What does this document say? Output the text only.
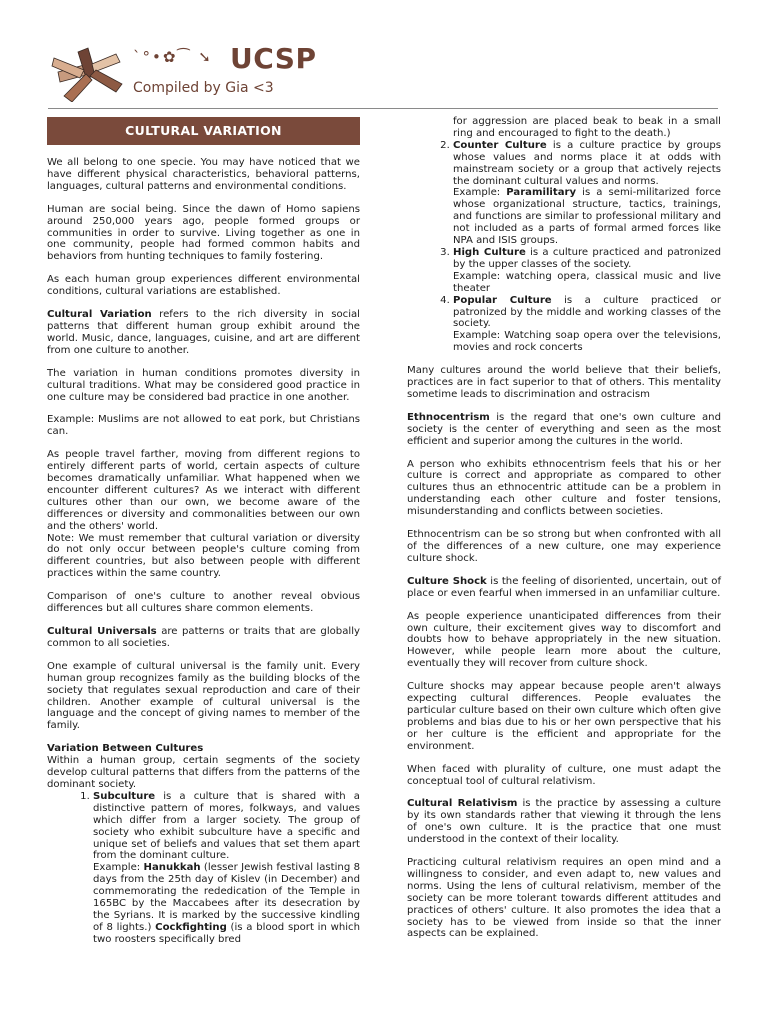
`°•✿⁀ ➘ UCSP
Compiled by Gia <3
CULTURAL VARIATION

We all belong to one specie. You may have noticed that we have different physical characteristics, behavioral patterns, languages, cultural patterns and environmental conditions.

Human are social being. Since the dawn of Homo sapiens around 250,000 years ago, people formed groups or communities in order to survive. Living together as one in one community, people had formed common habits and behaviors from hunting techniques to family fostering.

As each human group experiences different environmental conditions, cultural variations are established.

Cultural Variation refers to the rich diversity in social patterns that different human group exhibit around the world. Music, dance, languages, cuisine, and art are different from one culture to another.

The variation in human conditions promotes diversity in cultural traditions. What may be considered good practice in one culture may be considered bad practice in one another.

Example: Muslims are not allowed to eat pork, but Christians can.

As people travel farther, moving from different regions to entirely different parts of world, certain aspects of culture becomes dramatically unfamiliar. What happened when we encounter different cultures? As we interact with different cultures other than our own, we become aware of the differences or diversity and commonalities between our own and the others' world.

Note: We must remember that cultural variation or diversity do not only occur between people's culture coming from different countries, but also between people with different practices within the same country.

Comparison of one's culture to another reveal obvious differences but all cultures share common elements.

Cultural Universals are patterns or traits that are globally common to all societies.

One example of cultural universal is the family unit. Every human group recognizes family as the building blocks of the society that regulates sexual reproduction and care of their children. Another example of cultural universal is the language and the concept of giving names to member of the family.

Variation Between Cultures

Within a human group, certain segments of the society develop cultural patterns that differs from the patterns of the dominant society.

1. Subculture is a culture that is shared with a distinctive pattern of mores, folkways, and values which differ from a larger society. The group of society who exhibit subculture have a specific and unique set of beliefs and values that set them apart from the dominant culture.
Example: Hanukkah (lesser Jewish festival lasting 8 days from the 25th day of Kislev (in December) and commemorating the rededication of the Temple in 165BC by the Maccabees after its desecration by the Syrians. It is marked by the successive kindling of 8 lights.) Cockfighting (is a blood sport in which two roosters specifically bred
for aggression are placed beak to beak in a small ring and encouraged to fight to the death.)
2. Counter Culture is a culture practice by groups whose values and norms place it at odds with mainstream society or a group that actively rejects the dominant cultural values and norms.
Example: Paramilitary is a semi-militarized force whose organizational structure, tactics, trainings, and functions are similar to professional military and not included as a parts of formal armed forces like NPA and ISIS groups.
3. High Culture is a culture practiced and patronized by the upper classes of the society.
Example: watching opera, classical music and live theater
4. Popular Culture is a culture practiced or patronized by the middle and working classes of the society.
Example: Watching soap opera over the televisions, movies and rock concerts

Many cultures around the world believe that their beliefs, practices are in fact superior to that of others. This mentality sometime leads to discrimination and ostracism

Ethnocentrism is the regard that one's own culture and society is the center of everything and seen as the most efficient and superior among the cultures in the world.

A person who exhibits ethnocentrism feels that his or her culture is correct and appropriate as compared to other cultures thus an ethnocentric attitude can be a problem in understanding each other culture and foster tensions, misunderstanding and conflicts between societies.

Ethnocentrism can be so strong but when confronted with all of the differences of a new culture, one may experience culture shock.

Culture Shock is the feeling of disoriented, uncertain, out of place or even fearful when immersed in an unfamiliar culture.

As people experience unanticipated differences from their own culture, their excitement gives way to discomfort and doubts how to behave appropriately in the new situation. However, while people learn more about the culture, eventually they will recover from culture shock.

Culture shocks may appear because people aren't always expecting cultural differences. People evaluates the particular culture based on their own culture which often give problems and bias due to his or her own perspective that his or her culture is the efficient and appropriate for the environment.

When faced with plurality of culture, one must adapt the conceptual tool of cultural relativism.

Cultural Relativism is the practice by assessing a culture by its own standards rather that viewing it through the lens of one's own culture. It is the practice that one must understood in the context of their locality.

Practicing cultural relativism requires an open mind and a willingness to consider, and even adapt to, new values and norms. Using the lens of cultural relativism, member of the society can be more tolerant towards different attitudes and practices of others' culture. It also promotes the idea that a society has to be viewed from inside so that the inner aspects can be explained.
